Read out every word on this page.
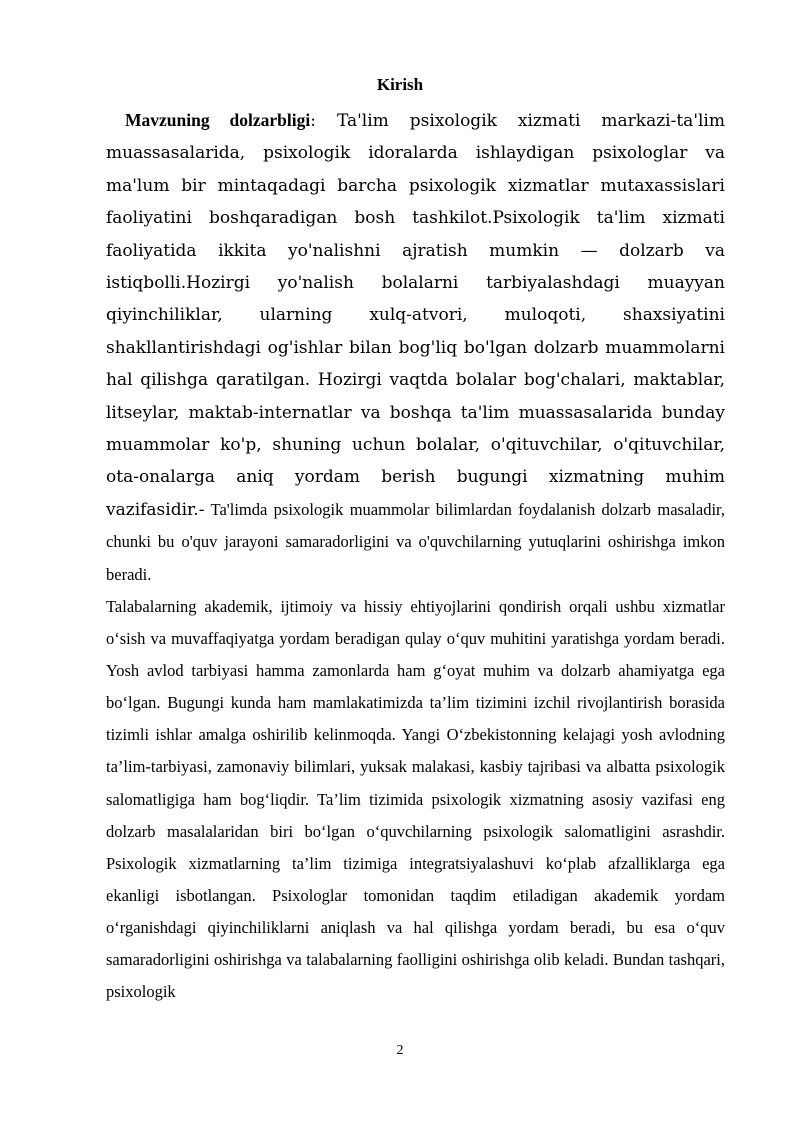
Kirish

Mavzuning dolzarbligi: Ta'lim psixologik xizmati markazi-ta'lim muassasalarida, psixologik idoralarda ishlaydigan psixologlar va ma'lum bir mintaqadagi barcha psixologik xizmatlar mutaxassislari faoliyatini boshqaradigan bosh tashkilot.Psixologik ta'lim xizmati faoliyatida ikkita yo'nalishni ajratish mumkin — dolzarb va istiqbolli.Hozirgi yo'nalish bolalarni tarbiyalashdagi muayyan qiyinchiliklar, ularning xulq-atvori, muloqoti, shaxsiyatini shakllantirishdagi og'ishlar bilan bog'liq bo'lgan dolzarb muammolarni hal qilishga qaratilgan. Hozirgi vaqtda bolalar bog'chalari, maktablar, litseylar, maktab-internatlar va boshqa ta'lim muassasalarida bunday muammolar ko'p, shuning uchun bolalar, o'qituvchilar, o'qituvchilar, ota-onalarga aniq yordam berish bugungi xizmatning muhim vazifasidir.- Ta'limda psixologik muammolar bilimlardan foydalanish dolzarb masaladir, chunki bu o'quv jarayoni samaradorligini va o'quvchilarning yutuqlarini oshirishga imkon beradi.

Talabalarning akademik, ijtimoiy va hissiy ehtiyojlarini qondirish orqali ushbu xizmatlar o‘sish va muvaffaqiyatga yordam beradigan qulay o‘quv muhitini yaratishga yordam beradi. Yosh avlod tarbiyasi hamma zamonlarda ham g‘oyat muhim va dolzarb ahamiyatga ega bo‘lgan. Bugungi kunda ham mamlakatimizda ta’lim tizimini izchil rivojlantirish borasida tizimli ishlar amalga oshirilib kelinmoqda. Yangi O‘zbekistonning kelajagi yosh avlodning ta’lim-tarbiyasi, zamonaviy bilimlari, yuksak malakasi, kasbiy tajribasi va albatta psixologik salomatligiga ham bog‘liqdir. Ta’lim tizimida psixologik xizmatning asosiy vazifasi eng dolzarb masalalaridan biri bo‘lgan o‘quvchilarning psixologik salomatligini asrashdir. Psixologik xizmatlarning ta’lim tizimiga integratsiyalashuvi ko‘plab afzalliklarga ega ekanligi isbotlangan. Psixologlar tomonidan taqdim etiladigan akademik yordam o‘rganishdagi qiyinchiliklarni aniqlash va hal qilishga yordam beradi, bu esa o‘quv samaradorligini oshirishga va talabalarning faolligini oshirishga olib keladi. Bundan tashqari, psixologik

2
